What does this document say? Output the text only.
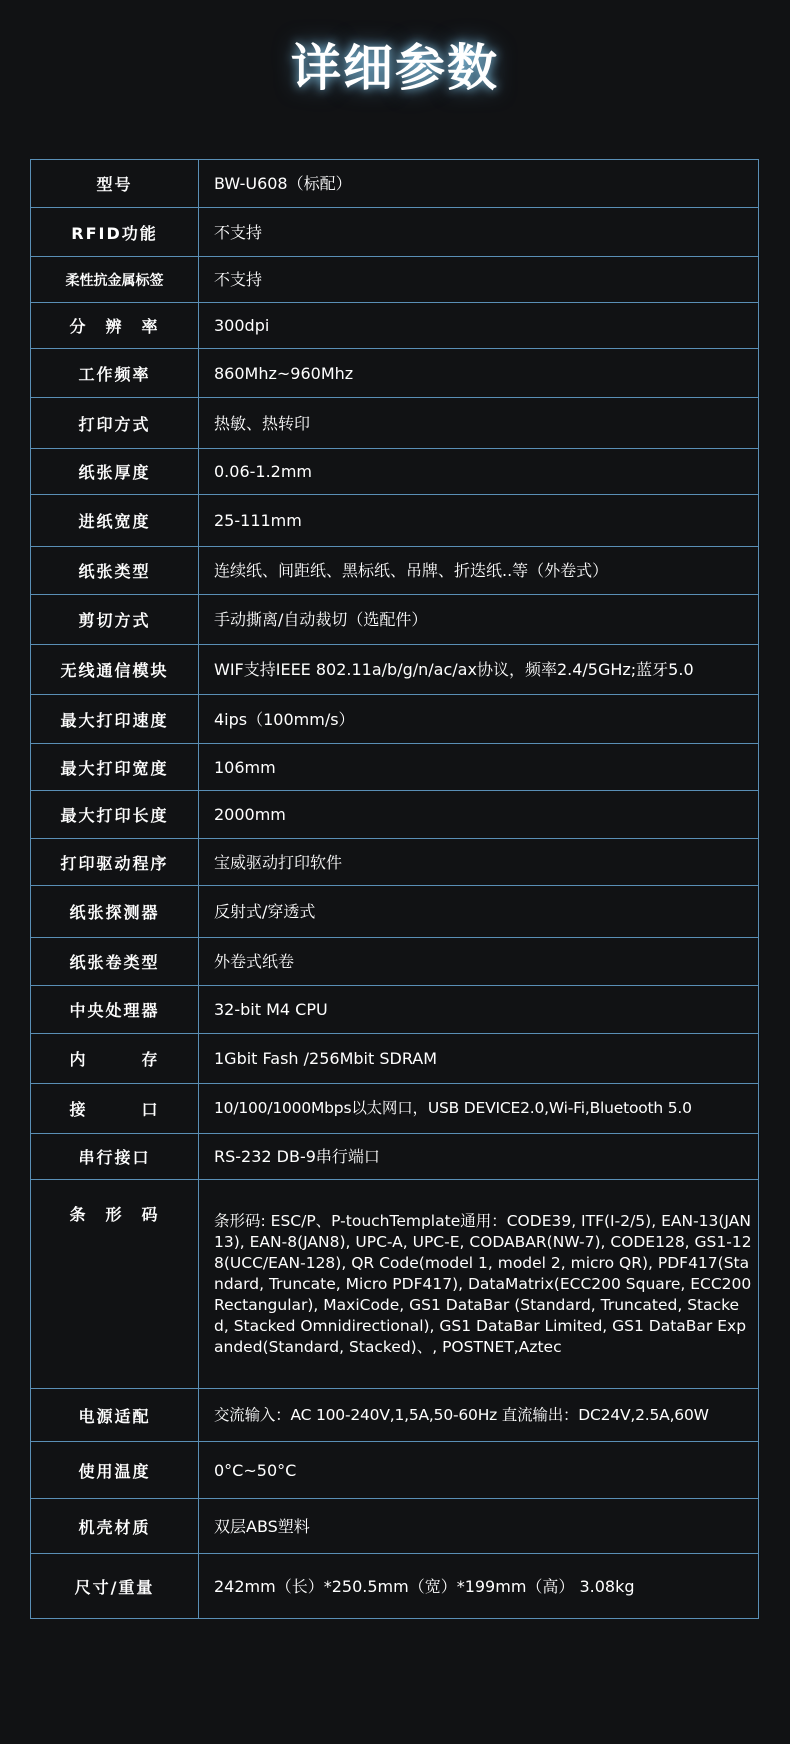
详细参数
型号	BW-U608（标配）
RFID功能	不支持
柔性抗金属标签	不支持
分　辨　率	300dpi
工作频率	860Mhz~960Mhz
打印方式	热敏、热转印
纸张厚度	0.06-1.2mm
进纸宽度	25-111mm
纸张类型	连续纸、间距纸、黑标纸、吊牌、折迭纸..等（外卷式）
剪切方式	手动撕离/自动裁切（选配件）
无线通信模块	WIF支持IEEE 802.11a/b/g/n/ac/ax协议，频率2.4/5GHz;蓝牙5.0
最大打印速度	4ips（100mm/s）
最大打印宽度	106mm
最大打印长度	2000mm
打印驱动程序	宝威驱动打印软件
纸张探测器	反射式/穿透式
纸张卷类型	外卷式纸卷
中央处理器	32-bit M4 CPU
内　　　存	1Gbit Fash /256Mbit SDRAM
接　　　口	10/100/1000Mbps以太网口，USB DEVICE2.0,Wi-Fi,Bluetooth 5.0
串行接口	RS-232 DB-9串行端口
条　形　码	条形码: ESC/P、P-touchTemplate通用：CODE39, ITF(I-2/5), EAN-13(JAN13), EAN-8(JAN8), UPC-A, UPC-E, CODABAR(NW-7), CODE128, GS1-128(UCC/EAN-128), QR Code(model 1, model 2, micro QR), PDF417(Standard, Truncate, Micro PDF417), DataMatrix(ECC200 Square, ECC200 Rectangular), MaxiCode, GS1 DataBar (Standard, Truncated, Stacked, Stacked Omnidirectional), GS1 DataBar Limited, GS1 DataBar Expanded(Standard, Stacked)、, POSTNET,Aztec
电源适配	交流输入：AC 100-240V,1,5A,50-60Hz 直流输出：DC24V,2.5A,60W
使用温度	0°C~50°C
机壳材质	双层ABS塑料
尺寸/重量	242mm（长）*250.5mm（宽）*199mm（高） 3.08kg
